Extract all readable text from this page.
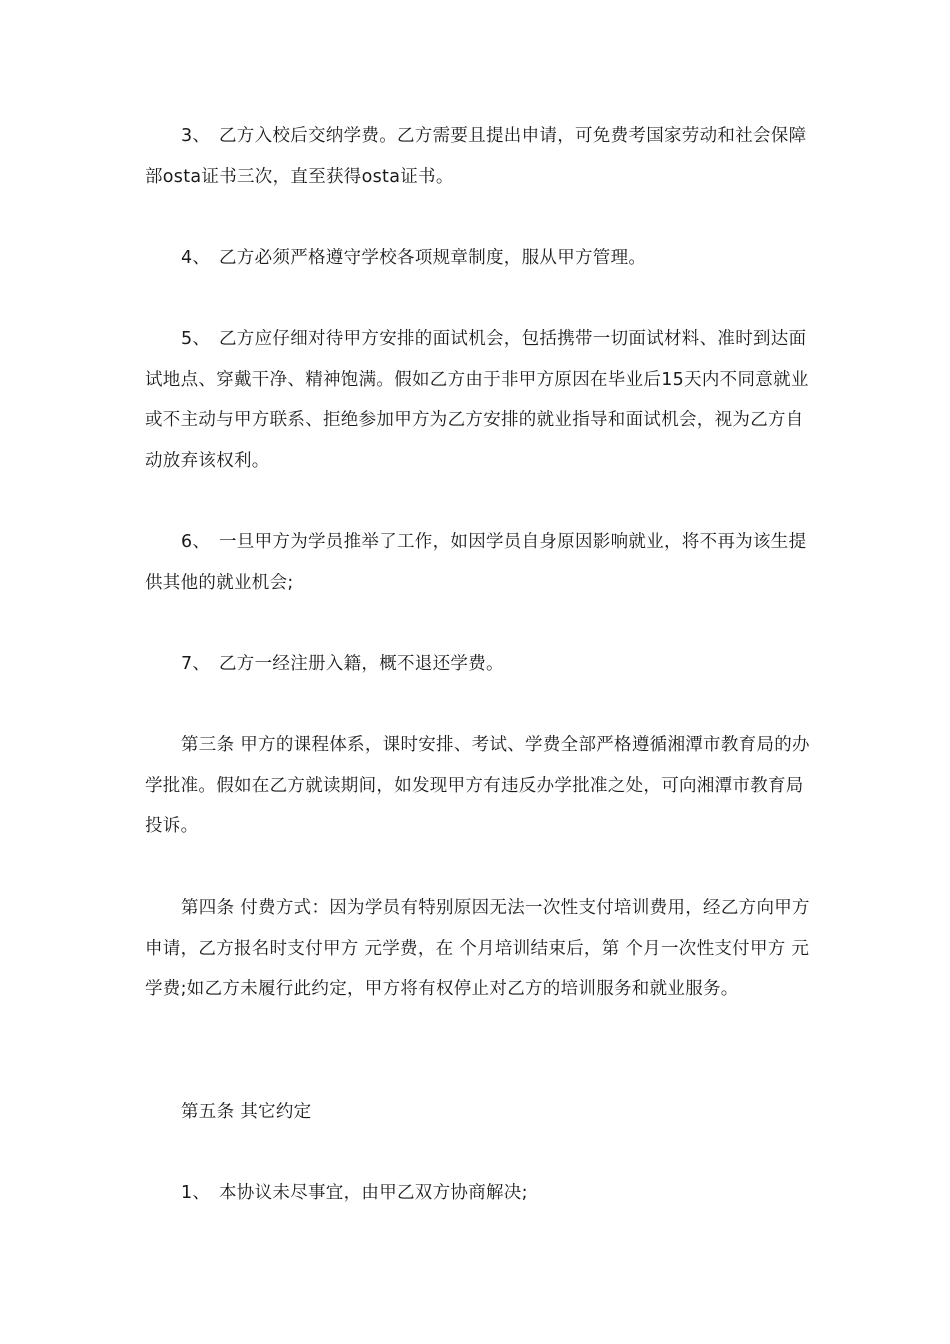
3、 乙方入校后交纳学费。乙方需要且提出申请，可免费考国家劳动和社会保障部osta证书三次，直至获得osta证书。

4、 乙方必须严格遵守学校各项规章制度，服从甲方管理。

5、 乙方应仔细对待甲方安排的面试机会，包括携带一切面试材料、准时到达面试地点、穿戴干净、精神饱满。假如乙方由于非甲方原因在毕业后15天内不同意就业或不主动与甲方联系、拒绝参加甲方为乙方安排的就业指导和面试机会，视为乙方自动放弃该权利。

6、 一旦甲方为学员推举了工作，如因学员自身原因影响就业，将不再为该生提供其他的就业机会;

7、 乙方一经注册入籍，概不退还学费。

第三条 甲方的课程体系，课时安排、考试、学费全部严格遵循湘潭市教育局的办学批准。假如在乙方就读期间，如发现甲方有违反办学批准之处，可向湘潭市教育局投诉。

第四条 付费方式：因为学员有特别原因无法一次性支付培训费用，经乙方向甲方申请，乙方报名时支付甲方 元学费，在 个月培训结束后，第 个月一次性支付甲方 元学费;如乙方未履行此约定，甲方将有权停止对乙方的培训服务和就业服务。

第五条 其它约定

1、 本协议未尽事宜，由甲乙双方协商解决;
